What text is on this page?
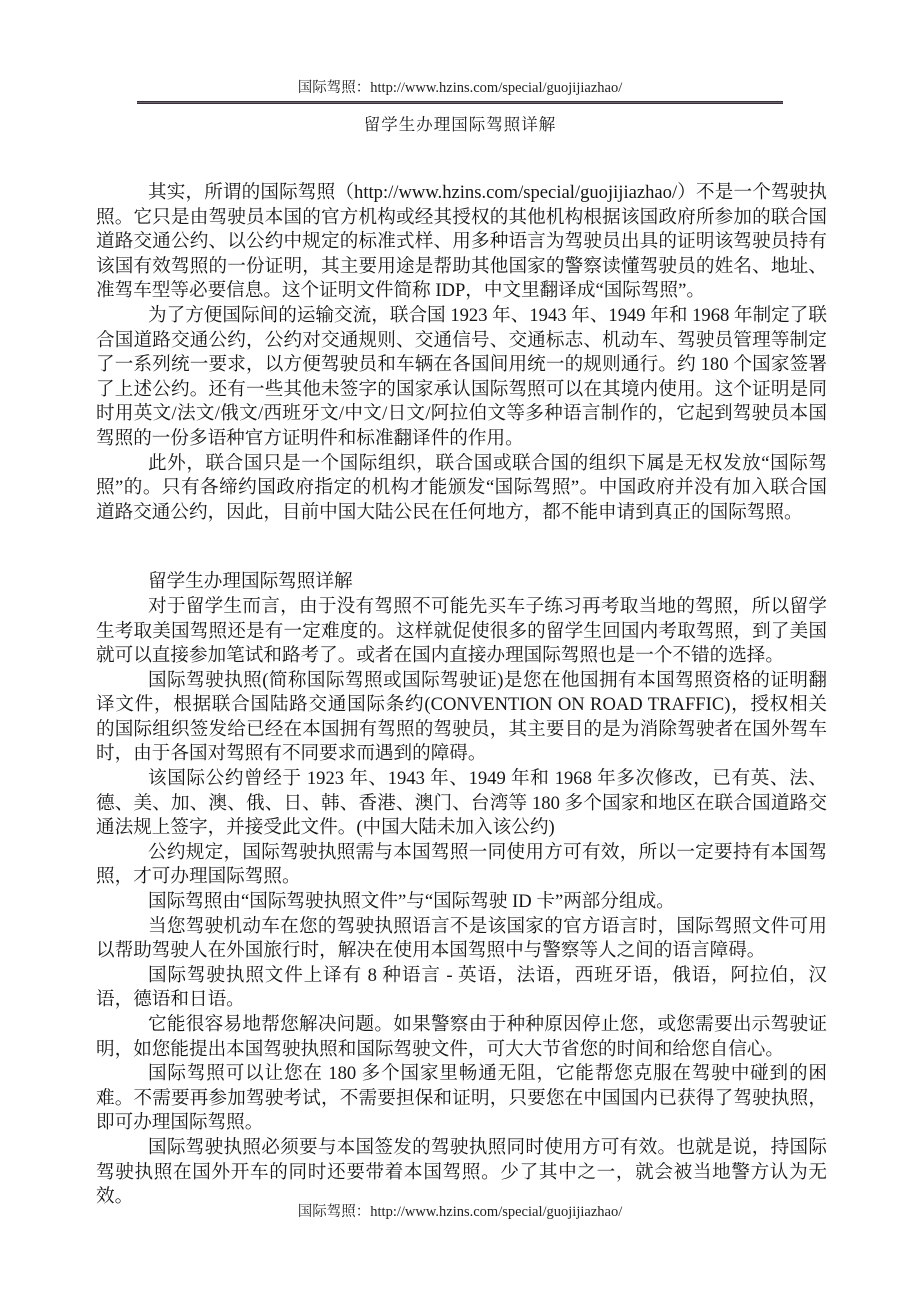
国际驾照：http://www.hzins.com/special/guojijiazhao/
留学生办理国际驾照详解

其实，所谓的国际驾照（http://www.hzins.com/special/guojijiazhao/）不是一个驾驶执照。它只是由驾驶员本国的官方机构或经其授权的其他机构根据该国政府所参加的联合国道路交通公约、以公约中规定的标准式样、用多种语言为驾驶员出具的证明该驾驶员持有该国有效驾照的一份证明，其主要用途是帮助其他国家的警察读懂驾驶员的姓名、地址、准驾车型等必要信息。这个证明文件简称 IDP，中文里翻译成“国际驾照”。

为了方便国际间的运输交流，联合国 1923 年、1943 年、1949 年和 1968 年制定了联合国道路交通公约，公约对交通规则、交通信号、交通标志、机动车、驾驶员管理等制定了一系列统一要求，以方便驾驶员和车辆在各国间用统一的规则通行。约 180 个国家签署了上述公约。还有一些其他未签字的国家承认国际驾照可以在其境内使用。这个证明是同时用英文/法文/俄文/西班牙文/中文/日文/阿拉伯文等多种语言制作的，它起到驾驶员本国驾照的一份多语种官方证明件和标准翻译件的作用。

此外，联合国只是一个国际组织，联合国或联合国的组织下属是无权发放“国际驾照”的。只有各缔约国政府指定的机构才能颁发“国际驾照”。中国政府并没有加入联合国道路交通公约，因此，目前中国大陆公民在任何地方，都不能申请到真正的国际驾照。

留学生办理国际驾照详解

对于留学生而言，由于没有驾照不可能先买车子练习再考取当地的驾照，所以留学生考取美国驾照还是有一定难度的。这样就促使很多的留学生回国内考取驾照，到了美国就可以直接参加笔试和路考了。或者在国内直接办理国际驾照也是一个不错的选择。

国际驾驶执照(简称国际驾照或国际驾驶证)是您在他国拥有本国驾照资格的证明翻译文件，根据联合国陆路交通国际条约(CONVENTION ON ROAD TRAFFIC)，授权相关的国际组织签发给已经在本国拥有驾照的驾驶员，其主要目的是为消除驾驶者在国外驾车时，由于各国对驾照有不同要求而遇到的障碍。

该国际公约曾经于 1923 年、1943 年、1949 年和 1968 年多次修改，已有英、法、德、美、加、澳、俄、日、韩、香港、澳门、台湾等 180 多个国家和地区在联合国道路交通法规上签字，并接受此文件。(中国大陆未加入该公约)

公约规定，国际驾驶执照需与本国驾照一同使用方可有效，所以一定要持有本国驾照，才可办理国际驾照。

国际驾照由“国际驾驶执照文件”与“国际驾驶 ID 卡”两部分组成。

当您驾驶机动车在您的驾驶执照语言不是该国家的官方语言时，国际驾照文件可用以帮助驾驶人在外国旅行时，解决在使用本国驾照中与警察等人之间的语言障碍。

国际驾驶执照文件上译有 8 种语言 - 英语，法语，西班牙语，俄语，阿拉伯，汉语，德语和日语。

它能很容易地帮您解决问题。如果警察由于种种原因停止您，或您需要出示驾驶证明，如您能提出本国驾驶执照和国际驾驶文件，可大大节省您的时间和给您自信心。

国际驾照可以让您在 180 多个国家里畅通无阻，它能帮您克服在驾驶中碰到的困难。不需要再参加驾驶考试，不需要担保和证明，只要您在中国国内已获得了驾驶执照，即可办理国际驾照。

国际驾驶执照必须要与本国签发的驾驶执照同时使用方可有效。也就是说，持国际驾驶执照在国外开车的同时还要带着本国驾照。少了其中之一，就会被当地警方认为无效。

国际驾照：http://www.hzins.com/special/guojijiazhao/
